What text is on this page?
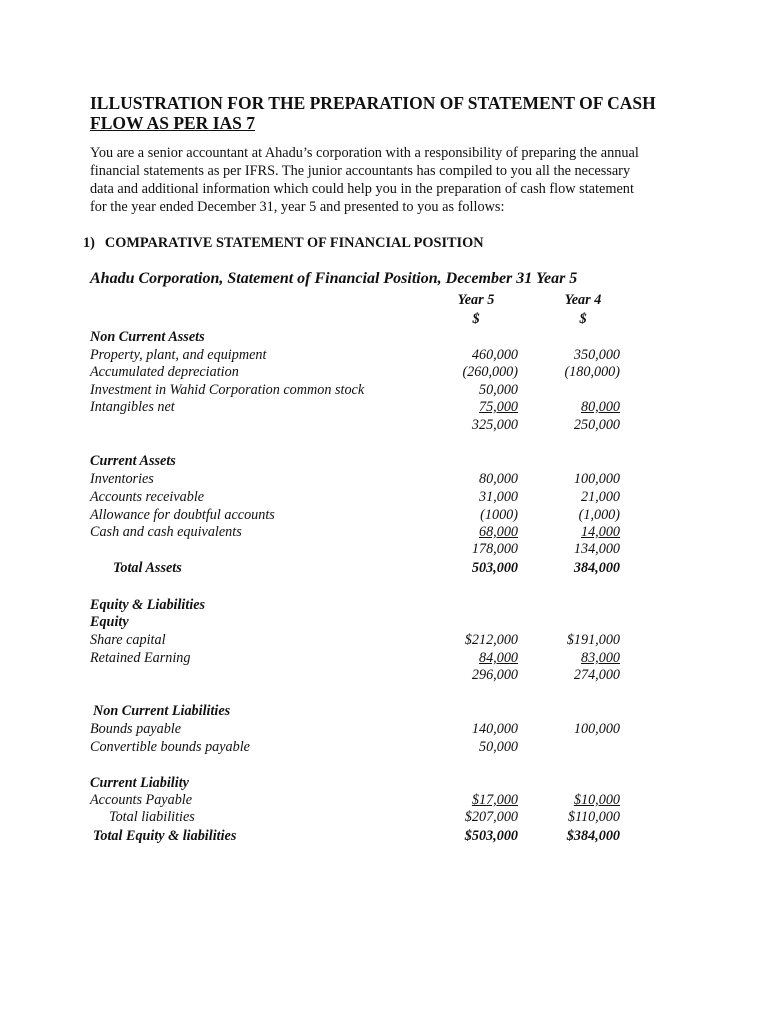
ILLUSTRATION FOR THE PREPARATION OF STATEMENT OF CASH
FLOW AS PER IAS 7

You are a senior accountant at Ahadu’s corporation with a responsibility of preparing the annual
financial statements as per IFRS. The junior accountants has compiled to you all the necessary
data and additional information which could help you in the preparation of cash flow statement
for the year ended December 31, year 5 and presented to you as follows:

1) COMPARATIVE STATEMENT OF FINANCIAL POSITION
Ahadu Corporation, Statement of Financial Position, December 31 Year 5
Year 5	Year 4
$	$
Non Current Assets
Property, plant, and equipment	460,000	350,000
Accumulated depreciation	(260,000)	(180,000)
Investment in Wahid Corporation common stock	50,000
Intangibles net	75,000	80,000
325,000	250,000
Current Assets
Inventories	80,000	100,000
Accounts receivable	31,000	21,000
Allowance for doubtful accounts	(1000)	(1,000)
Cash and cash equivalents	68,000	14,000
178,000	134,000
Total Assets	503,000	384,000
Equity & Liabilities
Equity
Share capital	$212,000	$191,000
Retained Earning	84,000	83,000
296,000	274,000
Non Current Liabilities
Bounds payable	140,000	100,000
Convertible bounds payable	50,000
Current Liability
Accounts Payable	$17,000	$10,000
Total liabilities	$207,000	$110,000
Total Equity & liabilities	$503,000	$384,000
